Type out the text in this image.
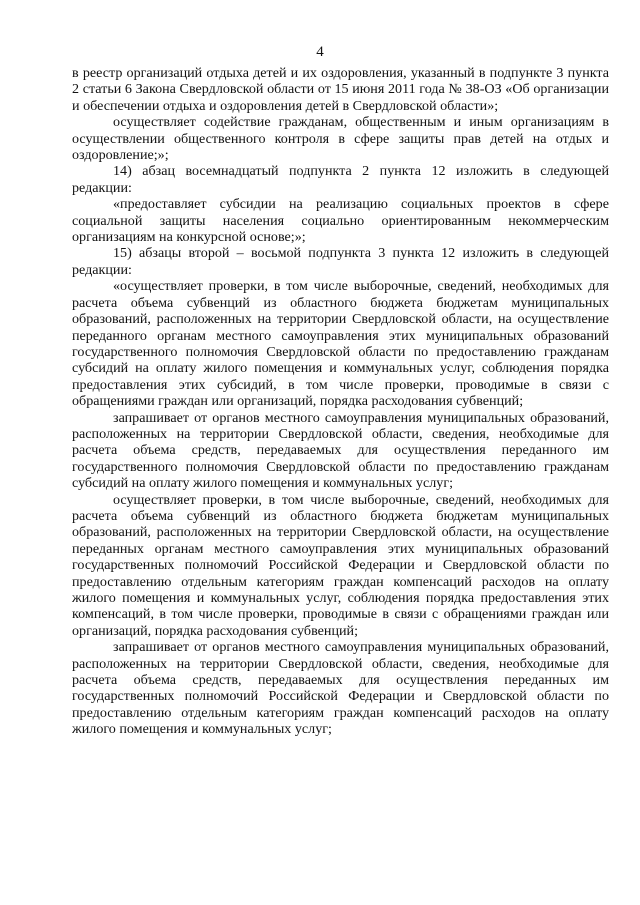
4

в реестр организаций отдыха детей и их оздоровления, указанный в подпункте 3 пункта 2 статьи 6 Закона Свердловской области от 15 июня 2011 года № 38-ОЗ «Об организации и обеспечении отдыха и оздоровления детей в Свердловской области»;

осуществляет содействие гражданам, общественным и иным организациям в осуществлении общественного контроля в сфере защиты прав детей на отдых и оздоровление;»;

14) абзац восемнадцатый подпункта 2 пункта 12 изложить в следующей редакции:

«предоставляет субсидии на реализацию социальных проектов в сфере социальной защиты населения социально ориентированным некоммерческим организациям на конкурсной основе;»;

15) абзацы второй – восьмой подпункта 3 пункта 12 изложить в следующей редакции:

«осуществляет проверки, в том числе выборочные, сведений, необходимых для расчета объема субвенций из областного бюджета бюджетам муниципальных образований, расположенных на территории Свердловской области, на осуществление переданного органам местного самоуправления этих муниципальных образований государственного полномочия Свердловской области по предоставлению гражданам субсидий на оплату жилого помещения и коммунальных услуг, соблюдения порядка предоставления этих субсидий, в том числе проверки, проводимые в связи с обращениями граждан или организаций, порядка расходования субвенций;

запрашивает от органов местного самоуправления муниципальных образований, расположенных на территории Свердловской области, сведения, необходимые для расчета объема средств, передаваемых для осуществления переданного им государственного полномочия Свердловской области по предоставлению гражданам субсидий на оплату жилого помещения и коммунальных услуг;

осуществляет проверки, в том числе выборочные, сведений, необходимых для расчета объема субвенций из областного бюджета бюджетам муниципальных образований, расположенных на территории Свердловской области, на осуществление переданных органам местного самоуправления этих муниципальных образований государственных полномочий Российской Федерации и Свердловской области по предоставлению отдельным категориям граждан компенсаций расходов на оплату жилого помещения и коммунальных услуг, соблюдения порядка предоставления этих компенсаций, в том числе проверки, проводимые в связи с обращениями граждан или организаций, порядка расходования субвенций;

запрашивает от органов местного самоуправления муниципальных образований, расположенных на территории Свердловской области, сведения, необходимые для расчета объема средств, передаваемых для осуществления переданных им государственных полномочий Российской Федерации и Свердловской области по предоставлению отдельным категориям граждан компенсаций расходов на оплату жилого помещения и коммунальных услуг;
